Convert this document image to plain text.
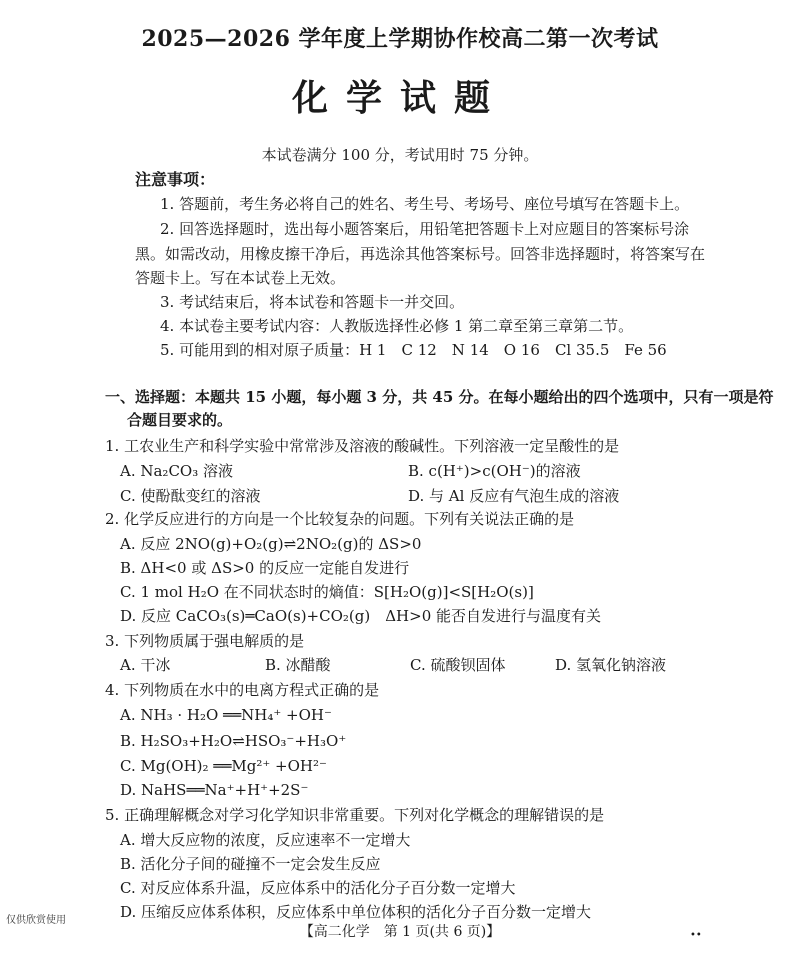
2025—2026 学年度上学期协作校高二第一次考试
化学试题
本试卷满分 100 分，考试用时 75 分钟。
注意事项：
1. 答题前，考生务必将自己的姓名、考生号、考场号、座位号填写在答题卡上。
2. 回答选择题时，选出每小题答案后，用铅笔把答题卡上对应题目的答案标号涂
黑。如需改动，用橡皮擦干净后，再选涂其他答案标号。回答非选择题时，将答案写在
答题卡上。写在本试卷上无效。
3. 考试结束后，将本试卷和答题卡一并交回。
4. 本试卷主要考试内容：人教版选择性必修 1 第二章至第三章第二节。
5. 可能用到的相对原子质量：H 1　C 12　N 14　O 16　Cl 35.5　Fe 56
一、选择题：本题共 15 小题，每小题 3 分，共 45 分。在每小题给出的四个选项中，只有一项是符
合题目要求的。
1. 工农业生产和科学实验中常常涉及溶液的酸碱性。下列溶液一定呈酸性的是
A. Na₂CO₃ 溶液	B. c(H⁺)>c(OH⁻)的溶液
C. 使酚酞变红的溶液	D. 与 Al 反应有气泡生成的溶液
2. 化学反应进行的方向是一个比较复杂的问题。下列有关说法正确的是
A. 反应 2NO(g)+O₂(g)⇌2NO₂(g)的 ΔS>0
B. ΔH<0 或 ΔS>0 的反应一定能自发进行
C. 1 mol H₂O 在不同状态时的熵值：S[H₂O(g)]<S[H₂O(s)]
D. 反应 CaCO₃(s)═CaO(s)+CO₂(g)　ΔH>0 能否自发进行与温度有关
3. 下列物质属于强电解质的是
A. 干冰	B. 冰醋酸	C. 硫酸钡固体	D. 氢氧化钠溶液
4. 下列物质在水中的电离方程式正确的是
A. NH₃ · H₂O ══NH₄⁺ +OH⁻
B. H₂SO₃+H₂O⇌HSO₃⁻+H₃O⁺
C. Mg(OH)₂ ══Mg²⁺ +OH²⁻
D. NaHS══Na⁺+H⁺+2S⁻
5. 正确理解概念对学习化学知识非常重要。下列对化学概念的理解错误的是
A. 增大反应物的浓度，反应速率不一定增大
B. 活化分子间的碰撞不一定会发生反应
C. 对反应体系升温，反应体系中的活化分子百分数一定增大
D. 压缩反应体系体积，反应体系中单位体积的活化分子百分数一定增大
仅供欣赏使用
【高二化学　第 1 页(共 6 页)】	••
